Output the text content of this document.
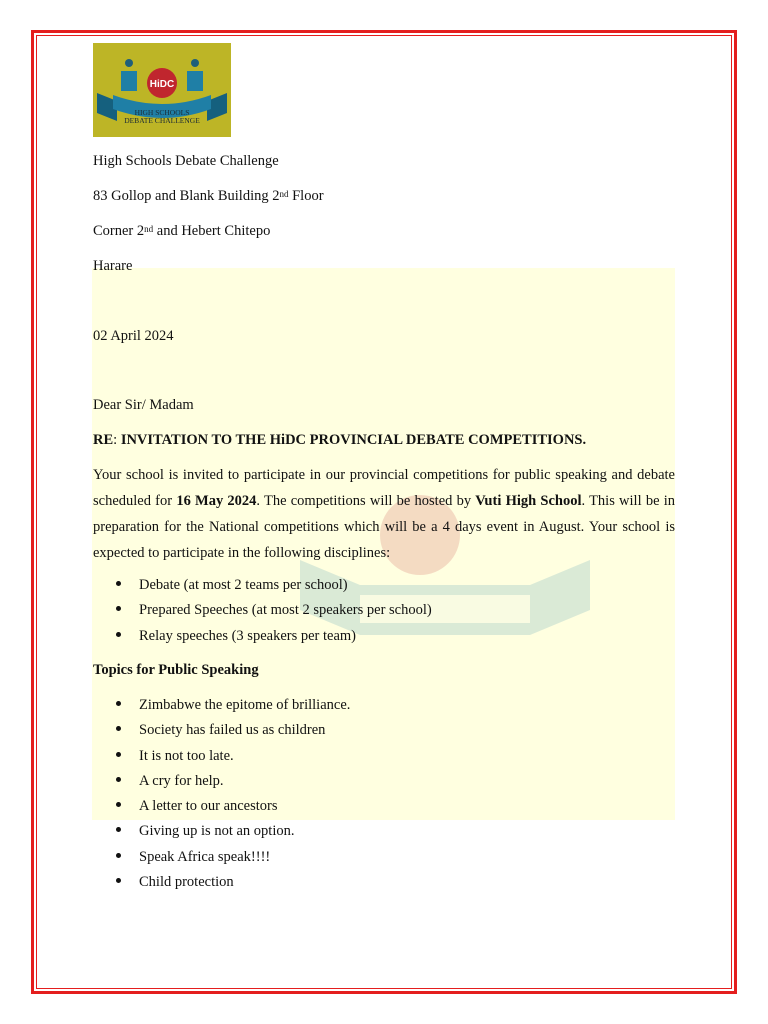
HiDC
HIGH SCHOOLS
DEBATE CHALLENGE
High Schools Debate Challenge
83 Gollop and Blank Building 2nd Floor
Corner 2nd and Hebert Chitepo
Harare
02 April 2024
Dear Sir/ Madam
RE: INVITATION TO THE HiDC PROVINCIAL DEBATE COMPETITIONS.
Your school is invited to participate in our provincial competitions for public speaking and debate scheduled for 16 May 2024. The competitions will be hosted by Vuti High School. This will be in preparation for the National competitions which will be a 4 days event in August. Your school is expected to participate in the following disciplines:
Debate (at most 2 teams per school)
Prepared Speeches (at most 2 speakers per school)
Relay speeches (3 speakers per team)
Topics for Public Speaking
Zimbabwe the epitome of brilliance.
Society has failed us as children
It is not too late.
A cry for help.
A letter to our ancestors
Giving up is not an option.
Speak Africa speak!!!!
Child protection
